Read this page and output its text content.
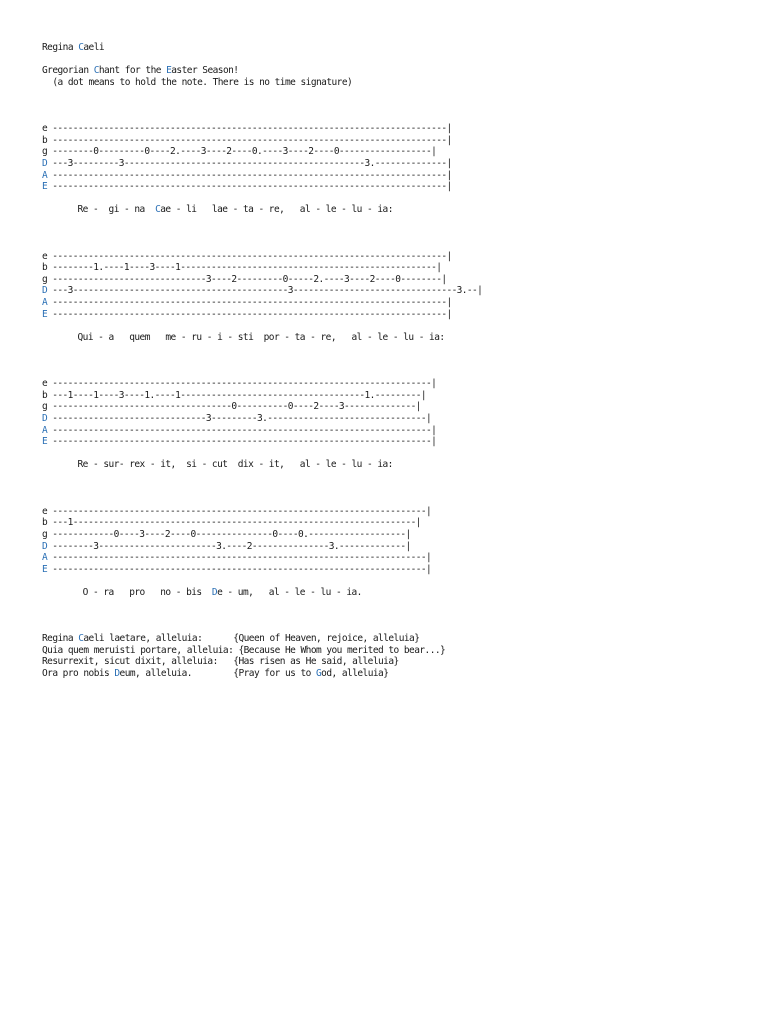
Regina Caeli
Gregorian Chant for the Easter Season!
(a dot means to hold the note. There is no time signature)
e -----------------------------------------------------------------------------|
b -----------------------------------------------------------------------------|
g --------0---------0----2.----3----2----0.----3----2----0------------------|
D ---3---------3-----------------------------------------------3.--------------|
A -----------------------------------------------------------------------------|
E -----------------------------------------------------------------------------|
Re -  gi - na  Cae - li   lae - ta - re,   al - le - lu - ia:
e -----------------------------------------------------------------------------|
b --------1.----1----3----1--------------------------------------------------|
g ------------------------------3----2---------0-----2.----3----2----0--------|
D ---3------------------------------------------3--------------------------------3.--|
A -----------------------------------------------------------------------------|
E -----------------------------------------------------------------------------|
Qui - a   quem   me - ru - i - sti  por - ta - re,   al - le - lu - ia:
e --------------------------------------------------------------------------|
b ---1----1----3----1.----1------------------------------------1.---------|
g -----------------------------------0----------0----2----3--------------|
D ------------------------------3---------3.-------------------------------|
A --------------------------------------------------------------------------|
E --------------------------------------------------------------------------|
Re - sur- rex - it,  si - cut  dix - it,   al - le - lu - ia:
e -------------------------------------------------------------------------|
b ---1-------------------------------------------------------------------|
g ------------0----3----2----0---------------0----0.-------------------|
D --------3-----------------------3.----2---------------3.-------------|
A -------------------------------------------------------------------------|
E -------------------------------------------------------------------------|
O - ra   pro   no - bis  De - um,   al - le - lu - ia.
Regina Caeli laetare, alleluia:      {Queen of Heaven, rejoice, alleluia}
Quia quem meruisti portare, alleluia: {Because He Whom you merited to bear...}
Resurrexit, sicut dixit, alleluia:   {Has risen as He said, alleluia}
Ora pro nobis Deum, alleluia.        {Pray for us to God, alleluia}
